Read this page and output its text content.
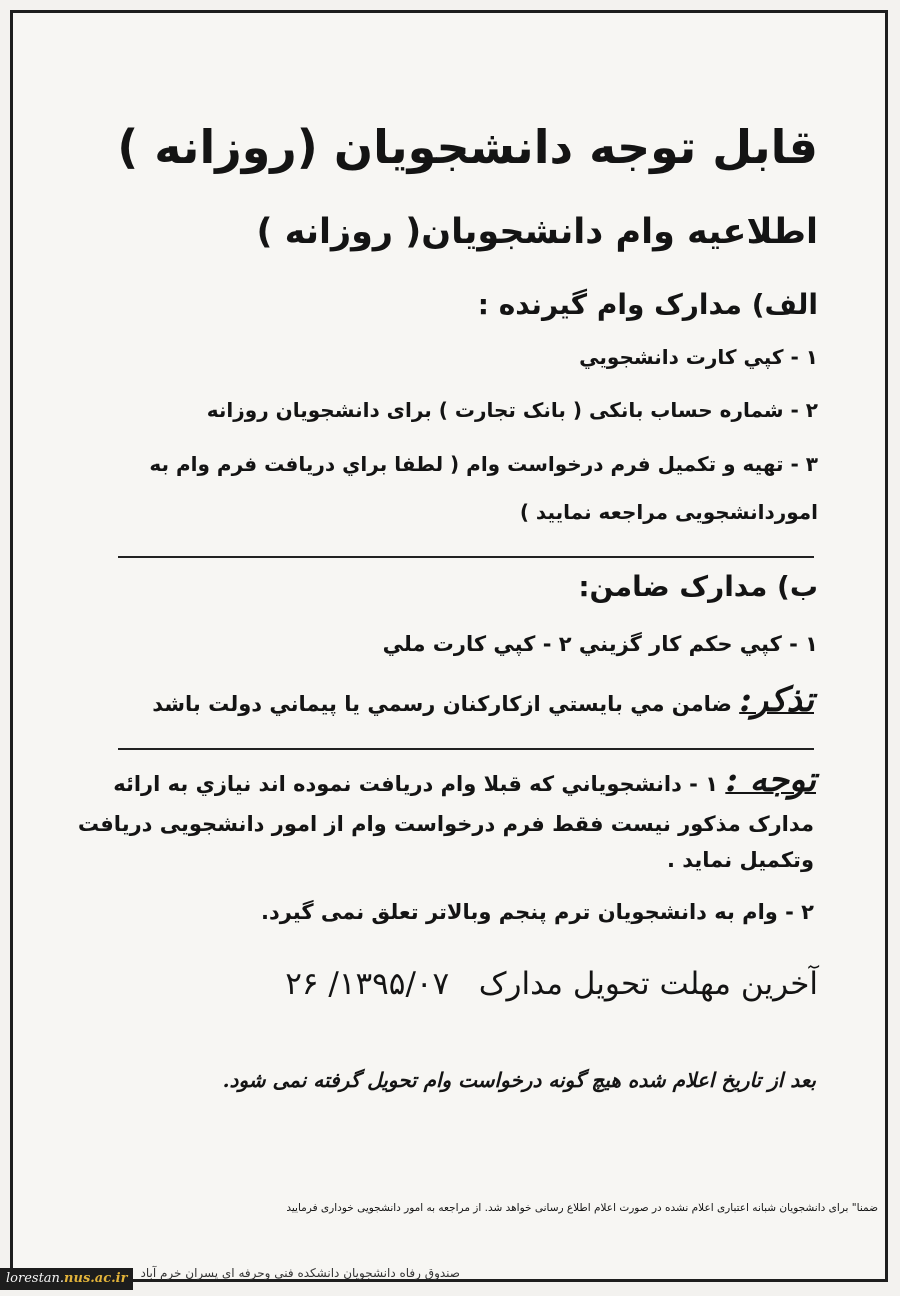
قابل توجه دانشجویان (روزانه )
اطلاعیه وام دانشجویان( روزانه )
الف) مدارک وام گیرنده :
۱ - کپي کارت دانشجويي
۲ - شماره حساب بانکی ( بانک تجارت ) برای دانشجویان روزانه
۳ - تهیه و تکمیل فرم درخواست وام ( لطفا براي دريافت فرم وام به
اموردانشجویی مراجعه نمایید )
ب) مدارک ضامن:
۱ - کپي حکم کار گزيني ۲ - کپي کارت ملي
تذکر: ضامن مي بايستي ازکارکنان رسمي يا پيماني دولت باشد
توجه : ۱ - دانشجوياني که قبلا وام دريافت نموده اند نيازي به ارائه
مدارک مذکور نیست فقط فرم درخواست وام از امور دانشجویی دریافت
وتکمیل نماید .
۲ - وام به دانشجویان ترم پنجم وبالاتر تعلق نمی گیرد.
آخرین مهلت تحویل مدارک   ۱۳۹۵/۰۷/ ۲۶
بعد از تاریخ اعلام شده هیچ گونه درخواست وام تحویل گرفته نمی شود.
ضمنا" برای دانشجویان شبانه اعتباری اعلام نشده در صورت اعلام اطلاع رسانی خواهد شد. از مراجعه به امور دانشجویی خوداری فرمایید
صندوق رفاه دانشجويان دانشكده فنی وحرفه ای پسران خرم آباد
lorestan.nus.ac.ir
